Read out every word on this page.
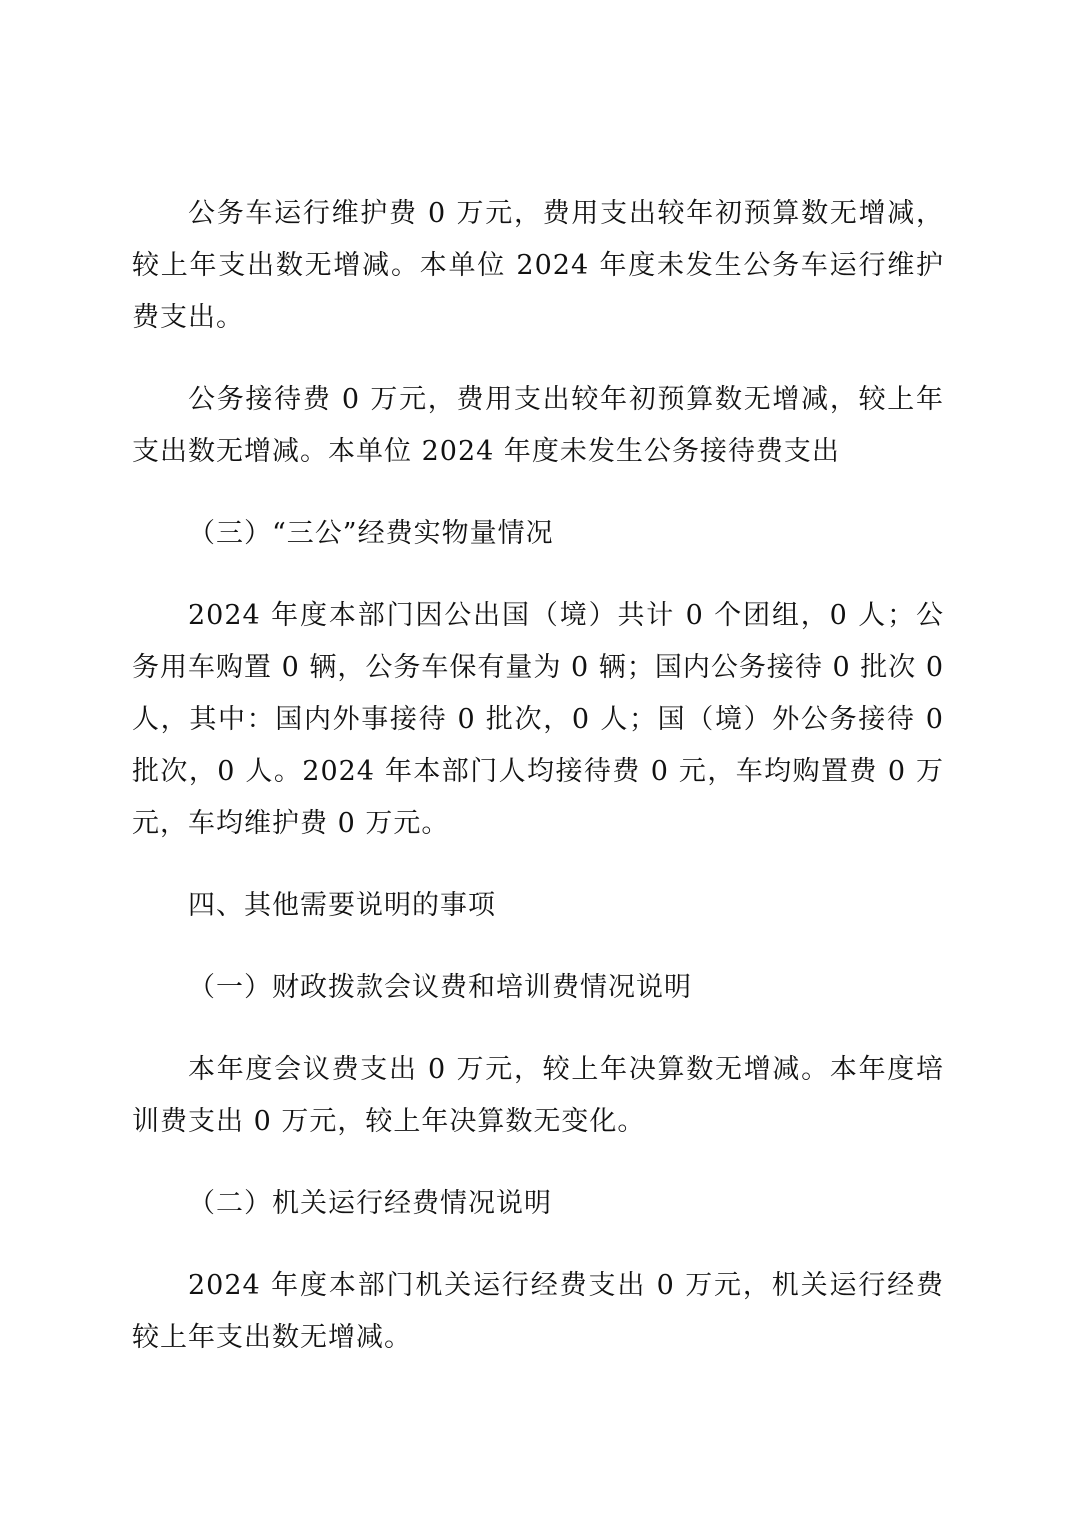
公务车运行维护费 0 万元，费用支出较年初预算数无增减，较上年支出数无增减。本单位 2024 年度未发生公务车运行维护费支出。

公务接待费 0 万元，费用支出较年初预算数无增减，较上年支出数无增减。本单位 2024 年度未发生公务接待费支出

（三）“三公”经费实物量情况

2024 年度本部门因公出国（境）共计 0 个团组，0 人；公务用车购置 0 辆，公务车保有量为 0 辆；国内公务接待 0 批次 0 人，其中：国内外事接待 0 批次，0 人；国（境）外公务接待 0 批次，0 人。2024 年本部门人均接待费 0 元，车均购置费 0 万元，车均维护费 0 万元。

四、其他需要说明的事项

（一）财政拨款会议费和培训费情况说明

本年度会议费支出 0 万元，较上年决算数无增减。本年度培训费支出 0 万元，较上年决算数无变化。

（二）机关运行经费情况说明

2024 年度本部门机关运行经费支出 0 万元，机关运行经费较上年支出数无增减。
